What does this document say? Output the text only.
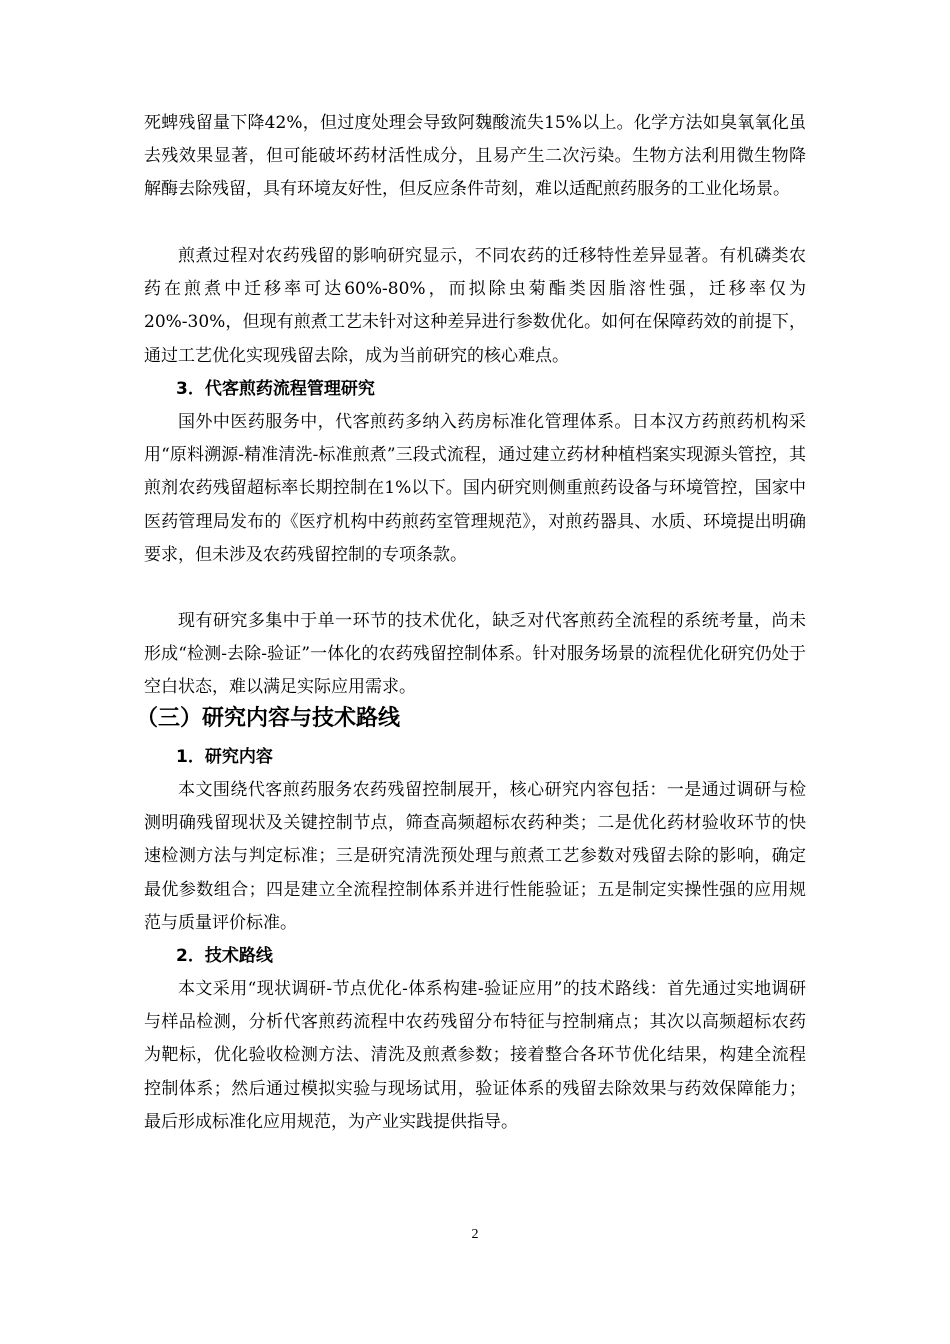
死蜱残留量下降42%，但过度处理会导致阿魏酸流失15%以上。化学方法如臭氧氧化虽去残效果显著，但可能破坏药材活性成分，且易产生二次污染。生物方法利用微生物降解酶去除残留，具有环境友好性，但反应条件苛刻，难以适配煎药服务的工业化场景。

煎煮过程对农药残留的影响研究显示，不同农药的迁移特性差异显著。有机磷类农药在煎煮中迁移率可达60%-80%，而拟除虫菊酯类因脂溶性强，迁移率仅为20%-30%，但现有煎煮工艺未针对这种差异进行参数优化。如何在保障药效的前提下，通过工艺优化实现残留去除，成为当前研究的核心难点。

3．代客煎药流程管理研究

国外中医药服务中，代客煎药多纳入药房标准化管理体系。日本汉方药煎药机构采用“原料溯源-精准清洗-标准煎煮”三段式流程，通过建立药材种植档案实现源头管控，其煎剂农药残留超标率长期控制在1%以下。国内研究则侧重煎药设备与环境管控，国家中医药管理局发布的《医疗机构中药煎药室管理规范》，对煎药器具、水质、环境提出明确要求，但未涉及农药残留控制的专项条款。

现有研究多集中于单一环节的技术优化，缺乏对代客煎药全流程的系统考量，尚未形成“检测-去除-验证”一体化的农药残留控制体系。针对服务场景的流程优化研究仍处于空白状态，难以满足实际应用需求。

（三）研究内容与技术路线
1．研究内容

本文围绕代客煎药服务农药残留控制展开，核心研究内容包括：一是通过调研与检测明确残留现状及关键控制节点，筛查高频超标农药种类；二是优化药材验收环节的快速检测方法与判定标准；三是研究清洗预处理与煎煮工艺参数对残留去除的影响，确定最优参数组合；四是建立全流程控制体系并进行性能验证；五是制定实操性强的应用规范与质量评价标准。

2．技术路线

本文采用“现状调研-节点优化-体系构建-验证应用”的技术路线：首先通过实地调研与样品检测，分析代客煎药流程中农药残留分布特征与控制痛点；其次以高频超标农药为靶标，优化验收检测方法、清洗及煎煮参数；接着整合各环节优化结果，构建全流程控制体系；然后通过模拟实验与现场试用，验证体系的残留去除效果与药效保障能力；最后形成标准化应用规范，为产业实践提供指导。

2
